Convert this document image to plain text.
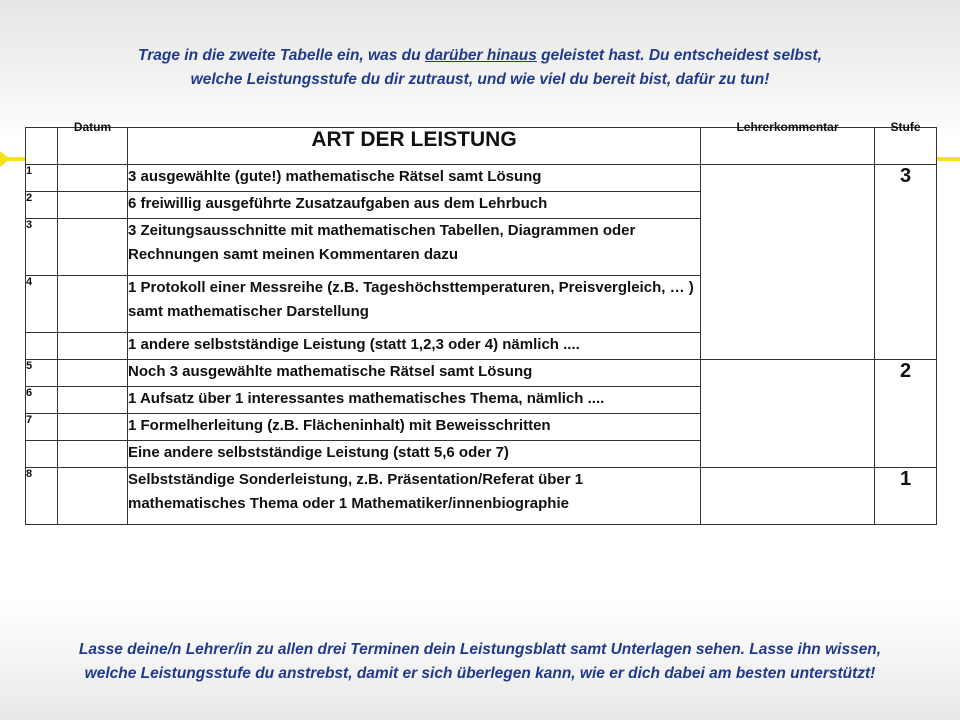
Trage in die zweite Tabelle ein, was du darüber hinaus geleistet hast. Du entscheidest selbst,
welche Leistungsstufe du dir zutraust, und wie viel du bereit bist, dafür zu tun!
	Datum	ART DER LEISTUNG	Lehrerkommentar	Stufe
1		3 ausgewählte (gute!) mathematische Rätsel samt Lösung		3
2		6 freiwillig ausgeführte Zusatzaufgaben aus dem Lehrbuch		
3		3 Zeitungsausschnitte mit mathematischen Tabellen, Diagrammen oder Rechnungen samt meinen Kommentaren dazu		
4		1 Protokoll einer Messreihe (z.B. Tageshöchsttemperaturen, Preisvergleich, … ) samt mathematischer Darstellung		
		1 andere selbstständige Leistung (statt 1,2,3 oder 4) nämlich ....		
5		Noch 3 ausgewählte mathematische Rätsel samt Lösung		2
6		1 Aufsatz über 1 interessantes mathematisches Thema, nämlich ....		
7		1 Formelherleitung (z.B. Flächeninhalt) mit Beweisschritten		
		Eine andere selbstständige Leistung (statt 5,6 oder 7)		
8		Selbstständige Sonderleistung, z.B. Präsentation/Referat über 1 mathematisches Thema oder 1 Mathematiker/innenbiographie		1
Lasse deine/n Lehrer/in zu allen drei Terminen dein Leistungsblatt samt Unterlagen sehen. Lasse ihn wissen,
welche Leistungsstufe du anstrebst, damit er sich überlegen kann, wie er dich dabei am besten unterstützt!
